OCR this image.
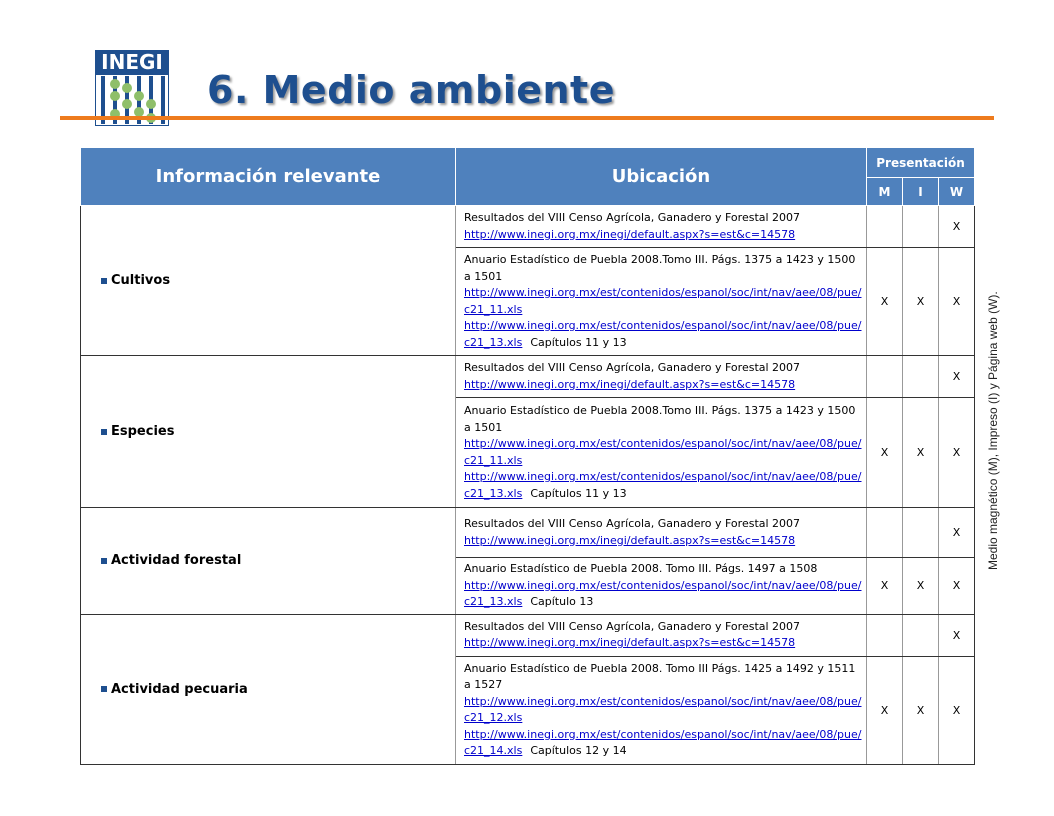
INEGI
6. Medio ambiente
Información relevante	Ubicación	Presentación		
		M	I	W
Cultivos	Resultados del VIII Censo Agrícola, Ganadero y Forestal 2007
http://www.inegi.org.mx/inegi/default.aspx?s=est&c=14578			X

	Anuario Estadístico de Puebla 2008.Tomo III. Págs. 1375 a 1423 y 1500 a 1501
http://www.inegi.org.mx/est/contenidos/espanol/soc/int/nav/aee/08/pue/c21_11.xls
http://www.inegi.org.mx/est/contenidos/espanol/soc/int/nav/aee/08/pue/c21_13.xls Capítulos 11 y 13	X	X	X
Especies	Resultados del VIII Censo Agrícola, Ganadero y Forestal 2007
http://www.inegi.org.mx/inegi/default.aspx?s=est&c=14578			X

	Anuario Estadístico de Puebla 2008.Tomo III. Págs. 1375 a 1423 y 1500 a 1501
http://www.inegi.org.mx/est/contenidos/espanol/soc/int/nav/aee/08/pue/c21_11.xls
http://www.inegi.org.mx/est/contenidos/espanol/soc/int/nav/aee/08/pue/c21_13.xls Capítulos 11 y 13	X	X	X
Actividad forestal	Resultados del VIII Censo Agrícola, Ganadero y Forestal 2007
http://www.inegi.org.mx/inegi/default.aspx?s=est&c=14578			X

	Anuario Estadístico de Puebla 2008. Tomo III. Págs. 1497 a 1508
http://www.inegi.org.mx/est/contenidos/espanol/soc/int/nav/aee/08/pue/c21_13.xls Capítulo 13	X	X	X
Actividad pecuaria	Resultados del VIII Censo Agrícola, Ganadero y Forestal 2007
http://www.inegi.org.mx/inegi/default.aspx?s=est&c=14578			X

	Anuario Estadístico de Puebla 2008. Tomo III Págs. 1425 a 1492 y 1511 a 1527
http://www.inegi.org.mx/est/contenidos/espanol/soc/int/nav/aee/08/pue/c21_12.xls
http://www.inegi.org.mx/est/contenidos/espanol/soc/int/nav/aee/08/pue/c21_14.xls Capítulos 12 y 14	X	X	X
Medio magnético (M), Impreso (I) y Página web (W).
